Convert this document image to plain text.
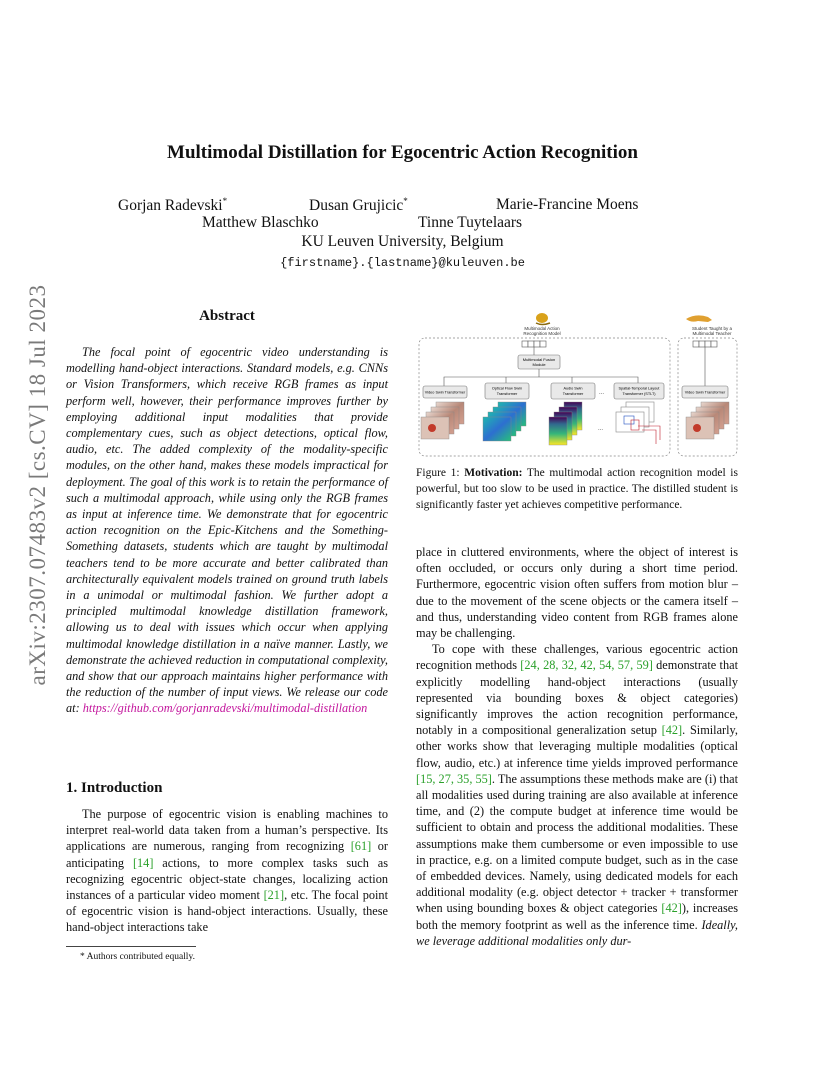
arXiv:2307.07483v2 [cs.CV] 18 Jul 2023
Multimodal Distillation for Egocentric Action Recognition
Gorjan Radevski*	Dusan Grujicic*	Marie-Francine Moens
Matthew Blaschko	Tinne Tuytelaars
KU Leuven University, Belgium
{firstname}.{lastname}@kuleuven.be
Abstract
The focal point of egocentric video understanding is modelling hand-object interactions. Standard models, e.g. CNNs or Vision Transformers, which receive RGB frames as input perform well, however, their performance improves further by employing additional input modalities that provide complementary cues, such as object detections, optical flow, audio, etc. The added complexity of the modality-specific modules, on the other hand, makes these models impractical for deployment. The goal of this work is to retain the performance of such a multimodal approach, while using only the RGB frames as input at inference time. We demonstrate that for egocentric action recognition on the Epic-Kitchens and the Something-Something datasets, students which are taught by multimodal teachers tend to be more accurate and better calibrated than architecturally equivalent models trained on ground truth labels in a unimodal or multimodal fashion. We further adopt a principled multimodal knowledge distillation framework, allowing us to deal with issues which occur when applying multimodal knowledge distillation in a naïve manner. Lastly, we demonstrate the achieved reduction in computational complexity, and show that our approach maintains higher performance with the reduction of the number of input views. We release our code at: https://github.com/gorjanradevski/multimodal-distillation
1. Introduction
The purpose of egocentric vision is enabling machines to interpret real-world data taken from a human’s perspective. Its applications are numerous, ranging from recognizing [61] or anticipating [14] actions, to more complex tasks such as recognizing egocentric object-state changes, localizing action instances of a particular video moment [21], etc. The focal point of egocentric vision is hand-object interactions. Usually, these hand-object interactions take
Multimodal Action
Recognition Model
Student Taught by a
Multimodal Teacher
Multimodal Fusion
Module
Video Swin Transformer
Optical Flow Swin
Transformer
Audio Swin
Transformer
Spatial-Temporal Layout
Transformer (STLT)	Video Swin Transformer
...
...
Figure 1: Motivation: The multimodal action recognition model is powerful, but too slow to be used in practice. The distilled student is significantly faster yet achieves competitive performance.

place in cluttered environments, where the object of interest is often occluded, or occurs only during a short time period. Furthermore, egocentric vision often suffers from motion blur – due to the movement of the scene objects or the camera itself – and thus, understanding video content from RGB frames alone may be challenging.

To cope with these challenges, various egocentric action recognition methods [24, 28, 32, 42, 54, 57, 59] demonstrate that explicitly modelling hand-object interactions (usually represented via bounding boxes & object categories) significantly improves the action recognition performance, notably in a compositional generalization setup [42]. Similarly, other works show that leveraging multiple modalities (optical flow, audio, etc.) at inference time yields improved performance [15, 27, 35, 55]. The assumptions these methods make are (i) that all modalities used during training are also available at inference time, and (2) the compute budget at inference time would be sufficient to obtain and process the additional modalities. These assumptions make them cumbersome or even impossible to use in practice, e.g. on a limited compute budget, such as in the case of embedded devices. Namely, using dedicated models for each additional modality (e.g. object detector + tracker + transformer when using bounding boxes & object categories [42]), increases both the memory footprint as well as the inference time. Ideally, we leverage additional modalities only dur-

* Authors contributed equally.
